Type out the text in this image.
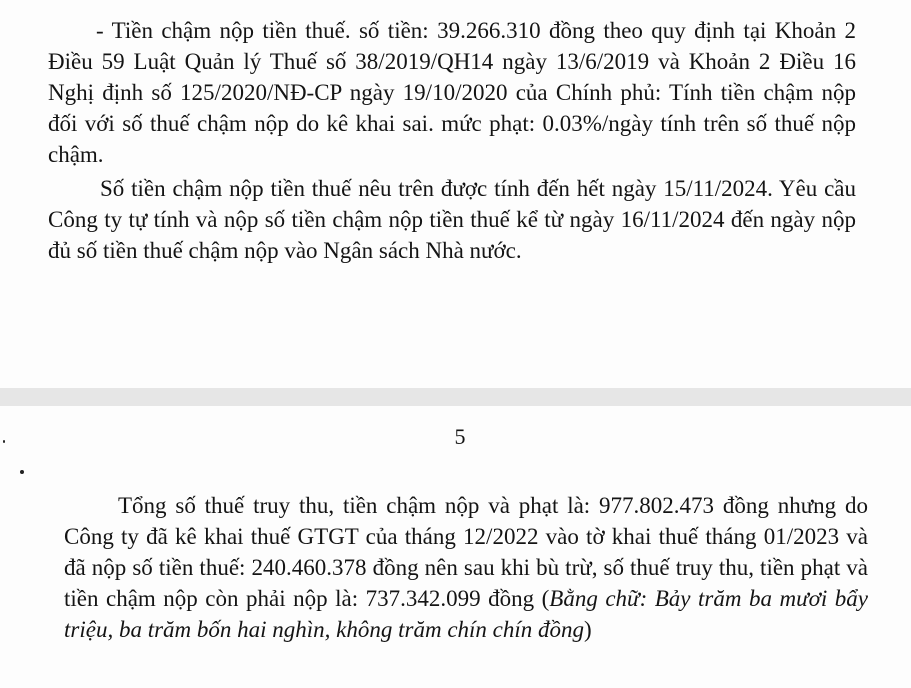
- Tiền chậm nộp tiền thuế. số tiền: 39.266.310 đồng theo quy định tại Khoản 2 Điều 59 Luật Quản lý Thuế số 38/2019/QH14 ngày 13/6/2019 và Khoản 2 Điều 16 Nghị định số 125/2020/NĐ-CP ngày 19/10/2020 của Chính phủ: Tính tiền chậm nộp đối với số thuế chậm nộp do kê khai sai. mức phạt: 0.03%/ngày tính trên số thuế nộp chậm.

Số tiền chậm nộp tiền thuế nêu trên được tính đến hết ngày 15/11/2024. Yêu cầu Công ty tự tính và nộp số tiền chậm nộp tiền thuế kể từ ngày 16/11/2024 đến ngày nộp đủ số tiền thuế chậm nộp vào Ngân sách Nhà nước.

5

Tổng số thuế truy thu, tiền chậm nộp và phạt là: 977.802.473 đồng nhưng do Công ty đã kê khai thuế GTGT của tháng 12/2022 vào tờ khai thuế tháng 01/2023 và đã nộp số tiền thuế: 240.460.378 đồng nên sau khi bù trừ, số thuế truy thu, tiền phạt và tiền chậm nộp còn phải nộp là: 737.342.099 đồng (Bằng chữ: Bảy trăm ba mươi bẩy triệu, ba trăm bốn hai nghìn, không trăm chín chín đồng)
